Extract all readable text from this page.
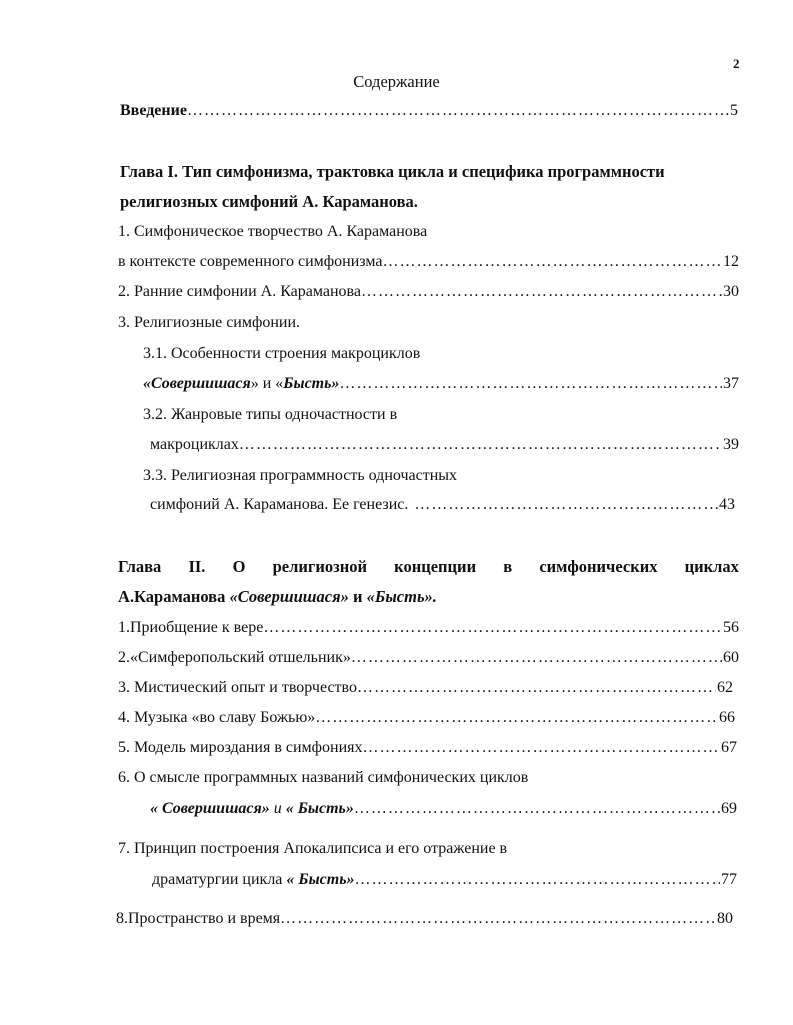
2
Содержание
Введение ………………………………………………………………………………………………………………………………	5
Глава I. Тип симфонизма, трактовка цикла и специфика программности
религиозных симфоний А. Караманова.
1. Симфоническое творчество А. Караманова
в контексте современного симфонизма ………………………………………………………………………………………………………………………………	12
2. Ранние симфонии А. Караманова ………………………………………………………………………………………………………………………………	30
3. Религиозные симфонии.
3.1. Особенности строения макроциклов
«Совершишася» и «Бысть» ………………………………………………………………………………………………………………………………	37
3.2. Жанровые типы одночастности в
макроциклах ………………………………………………………………………………………………………………………………	39
3.3. Религиозная программность одночастных
симфоний А. Караманова. Ее генезис. ………………………………………………………………………………………………………………………………	43
Глава II. О религиозной концепции в симфонических циклах
А.Караманова «Совершишася» и «Бысть».
1.Приобщение к вере ………………………………………………………………………………………………………………………………	56
2.«Симферопольский отшельник» ………………………………………………………………………………………………………………………………	60
3. Мистический опыт и творчество ………………………………………………………………………………………………………………………………	62
4. Музыка «во славу Божью» ………………………………………………………………………………………………………………………………	66
5. Модель мироздания в симфониях ………………………………………………………………………………………………………………………………	67
6. О смысле программных названий симфонических циклов
« Совершишася» и « Бысть» ………………………………………………………………………………………………………………………………	69
7. Принцип построения Апокалипсиса и его отражение в
драматургии цикла « Бысть» ………………………………………………………………………………………………………………………………	77
8.Пространство и время ………………………………………………………………………………………………………………………………	80
